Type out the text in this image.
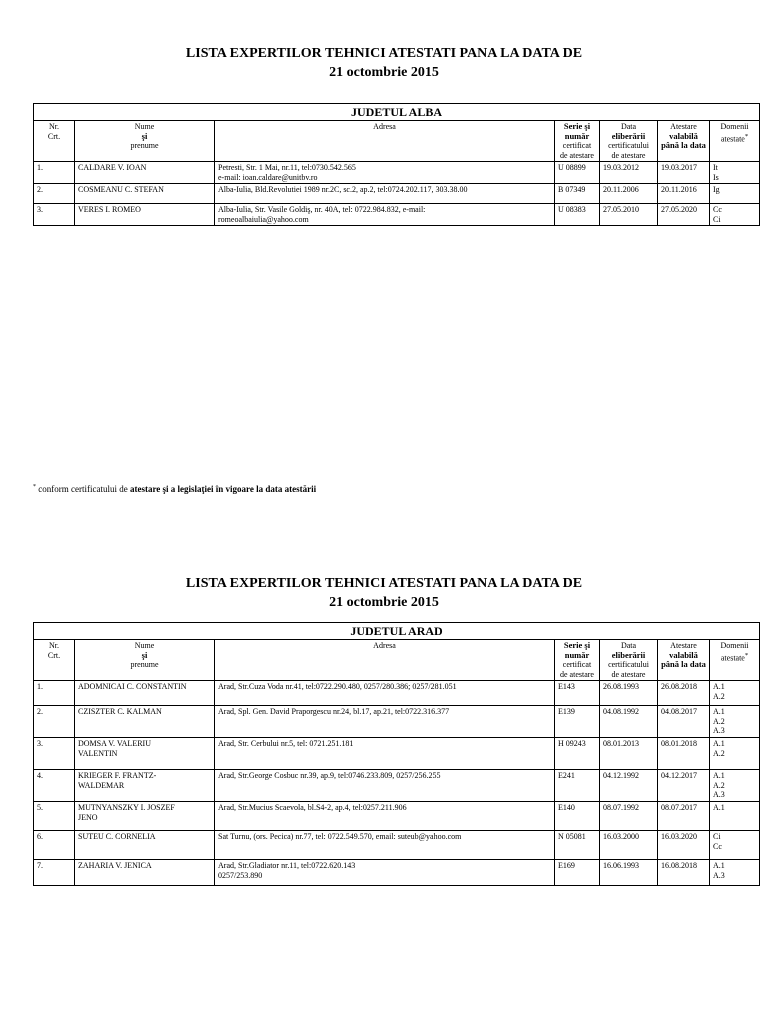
LISTA EXPERTILOR TEHNICI ATESTATI PANA LA DATA DE
21 octombrie 2015
JUDETUL ALBA						

Nr.
Crt.	Nume
şi
prenume	Adresa	Serie şi
număr
certificat
de atestare	Data
eliberării
certificatului
de atestare	Atestare
valabilă
până la data	Domenii
atestate*

1.	CALDARE V. IOAN	Petresti, Str. 1 Mai, nr.11, tel:0730.542.565
e-mail: ioan.caldare@unitbv.ro	U 08899	19.03.2012	19.03.2017	It
Is

2.	COSMEANU C. STEFAN	Alba-Iulia, Bld.Revolutiei 1989 nr.2C, sc.2, ap.2, tel:0724.202.117, 303.38.00	B 07349	20.11.2006	20.11.2016	Ig
3.	VERES I. ROMEO	Alba-Iulia, Str. Vasile Goldiş, nr. 40A, tel: 0722.984.832, e-mail:
romeoalbaiulia@yahoo.com	U 08383	27.05.2010	27.05.2020	Cc
Ci
* conform certificatului de atestare şi a legislaţiei în vigoare la data atestării
LISTA EXPERTILOR TEHNICI ATESTATI PANA LA DATA DE
21 octombrie 2015
JUDETUL ARAD						

Nr.
Crt.	Nume
şi
prenume	Adresa	Serie şi
număr
certificat
de atestare	Data
eliberării
certificatului
de atestare	Atestare
valabilă
până la data	Domenii
atestate*

1.	ADOMNICAI C. CONSTANTIN	Arad, Str.Cuza Voda nr.41, tel:0722.290.480, 0257/280.386; 0257/281.051	E143	26.08.1993	26.08.2018	A.1
A.2

2.	CZISZTER C. KALMAN	Arad, Spl. Gen. David Praporgescu nr.24, bl.17, ap.21, tel:0722.316.377	E139	04.08.1992	04.08.2017	A.1
A.2
A.3

3.	DOMSA V. VALERIU
VALENTIN	Arad, Str. Cerbului nr.5, tel: 0721.251.181	H 09243	08.01.2013	08.01.2018	A.1
A.2

4.	KRIEGER F. FRANTZ-
WALDEMAR	Arad, Str.George Cosbuc nr.39, ap.9, tel:0746.233.809, 0257/256.255	E241	04.12.1992	04.12.2017	A.1
A.2
A.3

5.	MUTNYANSZKY I. JOSZEF
JENO	Arad, Str.Mucius Scaevola, bl.S4-2, ap.4, tel:0257.211.906	E140	08.07.1992	08.07.2017	A.1
6.	SUTEU C. CORNELIA	Sat Turnu, (ors. Pecica) nr.77, tel: 0722.549.570, email: suteub@yahoo.com	N 05081	16.03.2000	16.03.2020	Ci
Cc

7.	ZAHARIA V. JENICA	Arad, Str.Gladiator nr.11, tel:0722.620.143
0257/253.890	E169	16.06.1993	16.08.2018	A.1
A.3
